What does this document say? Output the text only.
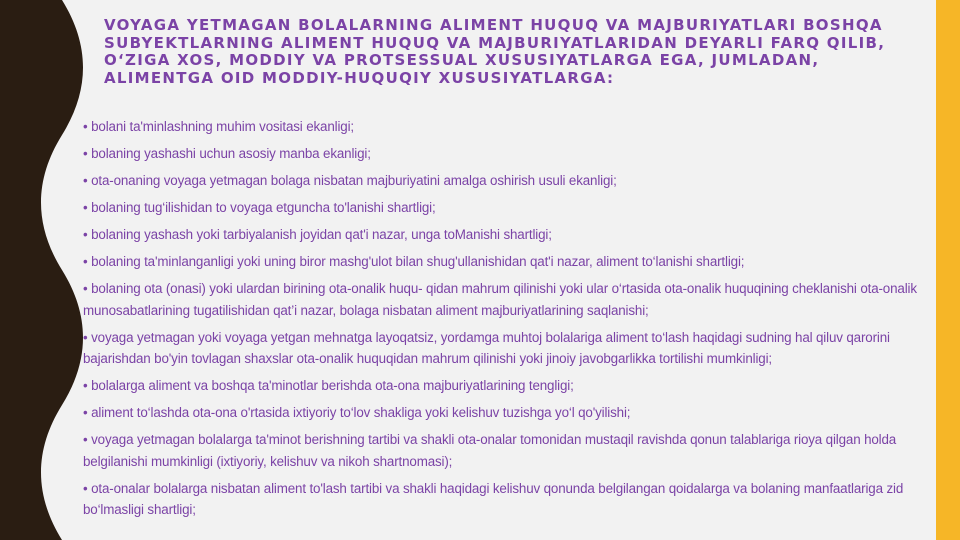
VOYAGA YETMAGAN BOLALARNING ALIMENT HUQUQ VA MAJBURIYATLARI BOSHQA SUBYEKTLARNING ALIMENT HUQUQ VA MAJBURIYATLARIDAN DEYARLI FARQ QILIB, O‘ZIGA XOS, MODDIY VA PROTSESSUAL XUSUSIYATLARGA EGA, JUMLADAN, ALIMENTGA OID MODDIY-HUQUQIY XUSUSIYATLARGA:
• bolani ta'minlashning muhim vositasi ekanligi;
• bolaning yashashi uchun asosiy manba ekanligi;
• ota-onaning voyaga yetmagan bolaga nisbatan majburiyatini amalga oshirish usuli ekanligi;
• bolaning tug‘ilishidan to voyaga etguncha to'lanishi shartligi;
• bolaning yashash yoki tarbiyalanish joyidan qat'i nazar, unga toManishi shartligi;
• bolaning ta'minlanganligi yoki uning biror mashg'ulot bilan shug'ullanishidan qat'i nazar, aliment to‘lanishi shartligi;
• bolaning ota (onasi) yoki ulardan birining ota-onalik huqu- qidan mahrum qilinishi yoki ular o‘rtasida ota-onalik huquqining cheklanishi ota-onalik munosabatlarining tugatilishidan qat’i nazar, bolaga nisbatan aliment majburiyatlarining saqlanishi;
• voyaga yetmagan yoki voyaga yetgan mehnatga layoqatsiz, yordamga muhtoj bolalariga aliment to‘lash haqidagi sudning hal qiluv qarorini bajarishdan bo'yin tovlagan shaxslar ota-onalik huquqidan mahrum qilinishi yoki jinoiy javobgarlikka tortilishi mumkinligi;
• bolalarga aliment va boshqa ta'minotlar berishda ota-ona majburiyatlarining tengligi;
• aliment to‘lashda ota-ona o'rtasida ixtiyoriy to‘lov shakliga yoki kelishuv tuzishga yo‘l qo'yilishi;
• voyaga yetmagan bolalarga ta'minot berishning tartibi va shakli ota-onalar tomonidan mustaqil ravishda qonun talablariga rioya qilgan holda belgilanishi mumkinligi (ixtiyoriy, kelishuv va nikoh shartnomasi);
• ota-onalar bolalarga nisbatan aliment to'lash tartibi va shakli haqidagi kelishuv qonunda belgilangan qoidalarga va bolaning manfaatlariga zid bo‘lmasligi shartligi;
